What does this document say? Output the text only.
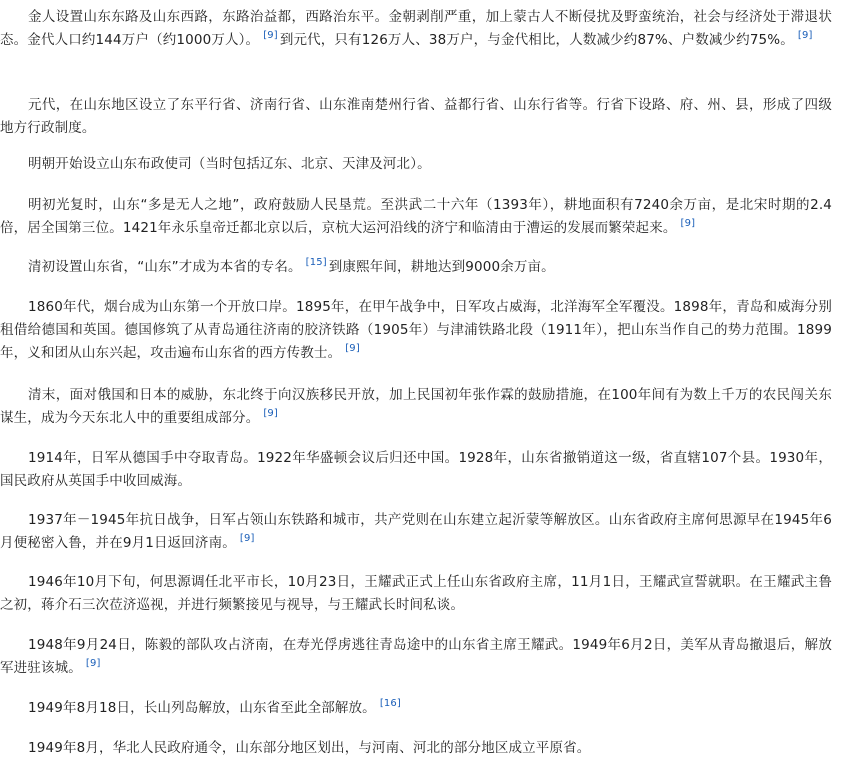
金人设置山东东路及山东西路，东路治益都，西路治东平。金朝剥削严重，加上蒙古人不断侵扰及野蛮统治，社会与经济处于滞退状态。金代人口约144万户（约1000万人）。 [9] 到元代，只有126万人、38万户，与金代相比，人数减少约87%、户数减少约75%。 [9]

元代，在山东地区设立了东平行省、济南行省、山东淮南楚州行省、益都行省、山东行省等。行省下设路、府、州、县，形成了四级地方行政制度。

明朝开始设立山东布政使司（当时包括辽东、北京、天津及河北）。

明初光复时，山东“多是无人之地”，政府鼓励人民垦荒。至洪武二十六年（1393年），耕地面积有7240余万亩，是北宋时期的2.4倍，居全国第三位。1421年永乐皇帝迁都北京以后，京杭大运河沿线的济宁和临清由于漕运的发展而繁荣起来。 [9]

清初设置山东省，“山东”才成为本省的专名。 [15] 到康熙年间，耕地达到9000余万亩。

1860年代，烟台成为山东第一个开放口岸。1895年，在甲午战争中，日军攻占威海，北洋海军全军覆没。1898年，青岛和威海分别租借给德国和英国。德国修筑了从青岛通往济南的胶济铁路（1905年）与津浦铁路北段（1911年），把山东当作自己的势力范围。1899年，义和团从山东兴起，攻击遍布山东省的西方传教士。 [9]

清末，面对俄国和日本的威胁，东北终于向汉族移民开放，加上民国初年张作霖的鼓励措施，在100年间有为数上千万的农民闯关东谋生，成为今天东北人中的重要组成部分。 [9]

1914年，日军从德国手中夺取青岛。1922年华盛顿会议后归还中国。1928年，山东省撤销道这一级，省直辖107个县。1930年，国民政府从英国手中收回威海。

1937年－1945年抗日战争，日军占领山东铁路和城市，共产党则在山东建立起沂蒙等解放区。山东省政府主席何思源早在1945年6月便秘密入鲁，并在9月1日返回济南。 [9]

1946年10月下旬，何思源调任北平市长，10月23日，王耀武正式上任山东省政府主席，11月1日，王耀武宣誓就职。在王耀武主鲁之初，蒋介石三次莅济巡视，并进行频繁接见与视导，与王耀武长时间私谈。

1948年9月24日，陈毅的部队攻占济南，在寿光俘虏逃往青岛途中的山东省主席王耀武。1949年6月2日，美军从青岛撤退后，解放军进驻该城。 [9]

1949年8月18日，长山列岛解放，山东省至此全部解放。 [16]

1949年8月，华北人民政府通令，山东部分地区划出，与河南、河北的部分地区成立平原省。
